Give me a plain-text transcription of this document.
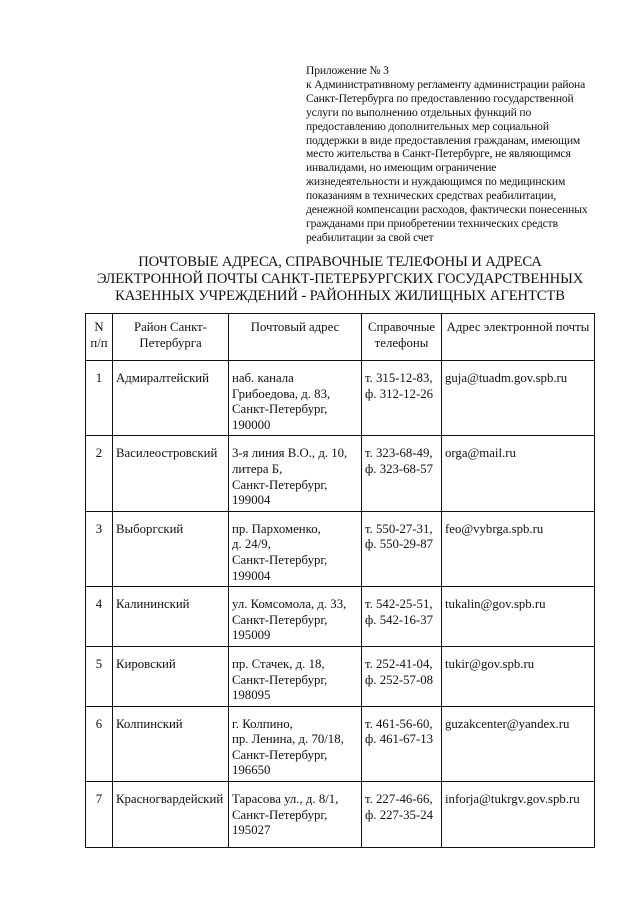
Приложение № 3
к Административному регламенту администрации района
Санкт-Петербурга по предоставлению государственной
услуги по выполнению отдельных функций по
предоставлению дополнительных мер социальной
поддержки в виде предоставления гражданам, имеющим
место жительства в Санкт-Петербурге, не являющимся
инвалидами, но имеющим ограничение
жизнедеятельности и нуждающимся по медицинским
показаниям в технических средствах реабилитации,
денежной компенсации расходов, фактически понесенных
гражданами при приобретении технических средств
реабилитации за свой счет
ПОЧТОВЫЕ АДРЕСА, СПРАВОЧНЫЕ ТЕЛЕФОНЫ И АДРЕСА
ЭЛЕКТРОННОЙ ПОЧТЫ САНКТ-ПЕТЕРБУРГСКИХ ГОСУДАРСТВЕННЫХ
КАЗЕННЫХ УЧРЕЖДЕНИЙ - РАЙОННЫХ ЖИЛИЩНЫХ АГЕНТСТВ
N
п/п	Район Санкт-
Петербурга	Почтовый адрес	Справочные
телефоны	Адрес электронной почты

1	Адмиралтейский	наб. канала
Грибоедова, д. 83,
Санкт-Петербург,
190000	т. 315-12-83,
ф. 312-12-26	guja@tuadm.gov.spb.ru

2	Василеостровский	3-я линия В.О., д. 10,
литера Б,
Санкт-Петербург,
199004	т. 323-68-49,
ф. 323-68-57	orga@mail.ru

3	Выборгский	пр. Пархоменко,
д. 24/9,
Санкт-Петербург,
199004	т. 550-27-31,
ф. 550-29-87	feo@vybrga.spb.ru

4	Калининский	ул. Комсомола, д. 33,
Санкт-Петербург,
195009	т. 542-25-51,
ф. 542-16-37	tukalin@gov.spb.ru

5	Кировский	пр. Стачек, д. 18,
Санкт-Петербург,
198095	т. 252-41-04,
ф. 252-57-08	tukir@gov.spb.ru

6	Колпинский	г. Колпино,
пр. Ленина, д. 70/18,
Санкт-Петербург,
196650	т. 461-56-60,
ф. 461-67-13	guzakcenter@yandex.ru

7	Красногвардейский	Тарасова ул., д. 8/1,
Санкт-Петербург,
195027	т. 227-46-66,
ф. 227-35-24	inforja@tukrgv.gov.spb.ru
